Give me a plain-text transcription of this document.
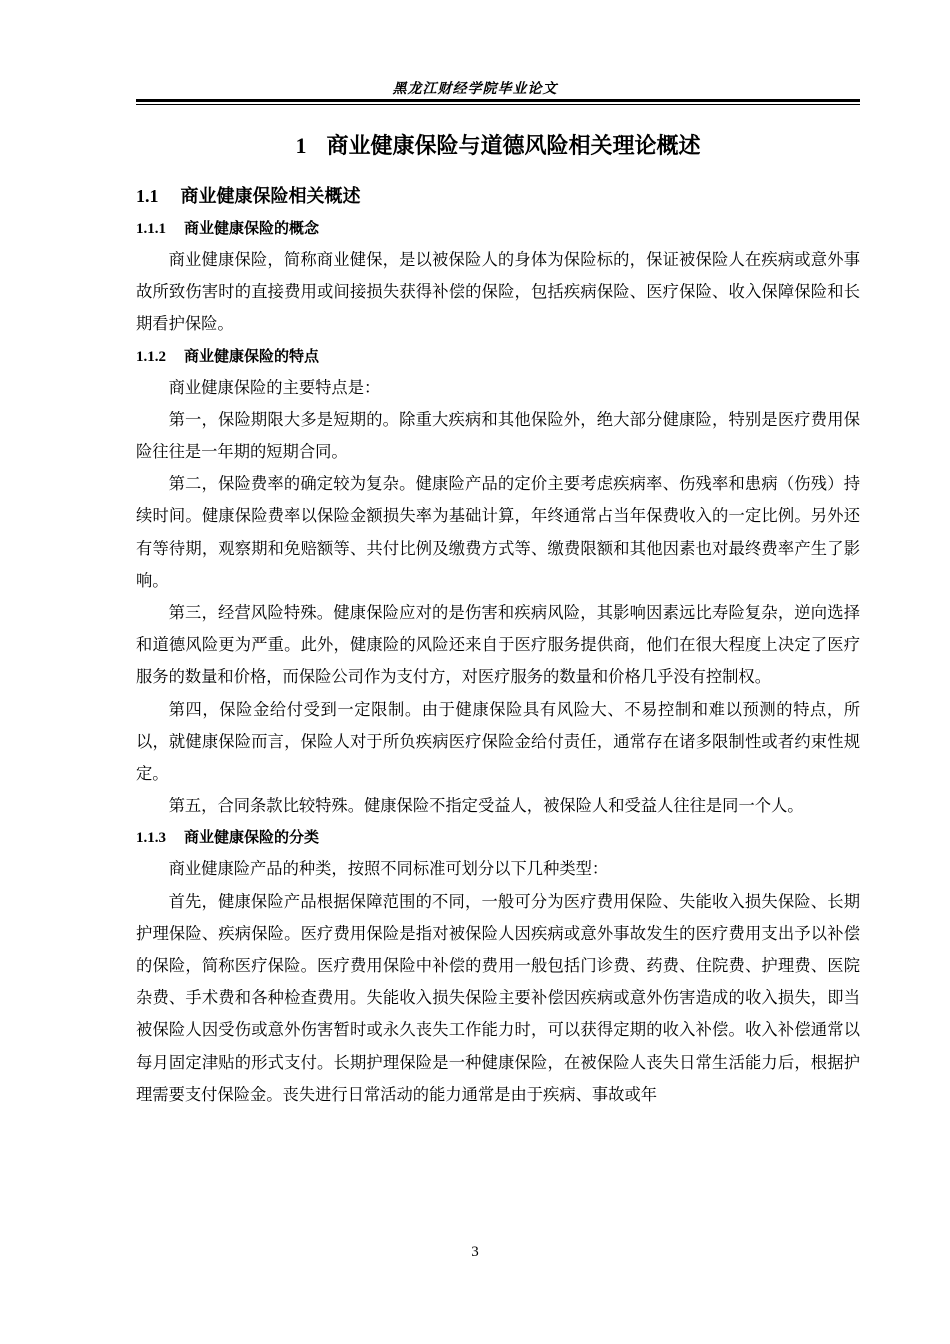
黑龙江财经学院毕业论文
1 商业健康保险与道德风险相关理论概述
1.1 商业健康保险相关概述
1.1.1 商业健康保险的概念

商业健康保险，简称商业健保，是以被保险人的身体为保险标的，保证被保险人在疾病或意外事故所致伤害时的直接费用或间接损失获得补偿的保险，包括疾病保险、医疗保险、收入保障保险和长期看护保险。

1.1.2 商业健康保险的特点

商业健康保险的主要特点是：

第一，保险期限大多是短期的。除重大疾病和其他保险外，绝大部分健康险，特别是医疗费用保险往往是一年期的短期合同。

第二，保险费率的确定较为复杂。健康险产品的定价主要考虑疾病率、伤残率和患病（伤残）持续时间。健康保险费率以保险金额损失率为基础计算，年终通常占当年保费收入的一定比例。另外还有等待期，观察期和免赔额等、共付比例及缴费方式等、缴费限额和其他因素也对最终费率产生了影响。

第三，经营风险特殊。健康保险应对的是伤害和疾病风险，其影响因素远比寿险复杂，逆向选择和道德风险更为严重。此外，健康险的风险还来自于医疗服务提供商，他们在很大程度上决定了医疗服务的数量和价格，而保险公司作为支付方，对医疗服务的数量和价格几乎没有控制权。

第四，保险金给付受到一定限制。由于健康保险具有风险大、不易控制和难以预测的特点，所以，就健康保险而言，保险人对于所负疾病医疗保险金给付责任，通常存在诸多限制性或者约束性规定。

第五，合同条款比较特殊。健康保险不指定受益人，被保险人和受益人往往是同一个人。

1.1.3 商业健康保险的分类

商业健康险产品的种类，按照不同标准可划分以下几种类型：

首先，健康保险产品根据保障范围的不同，一般可分为医疗费用保险、失能收入损失保险、长期护理保险、疾病保险。医疗费用保险是指对被保险人因疾病或意外事故发生的医疗费用支出予以补偿的保险，简称医疗保险。医疗费用保险中补偿的费用一般包括门诊费、药费、住院费、护理费、医院杂费、手术费和各种检查费用。失能收入损失保险主要补偿因疾病或意外伤害造成的收入损失，即当被保险人因受伤或意外伤害暂时或永久丧失工作能力时，可以获得定期的收入补偿。收入补偿通常以每月固定津贴的形式支付。长期护理保险是一种健康保险，在被保险人丧失日常生活能力后，根据护理需要支付保险金。丧失进行日常活动的能力通常是由于疾病、事故或年

3
